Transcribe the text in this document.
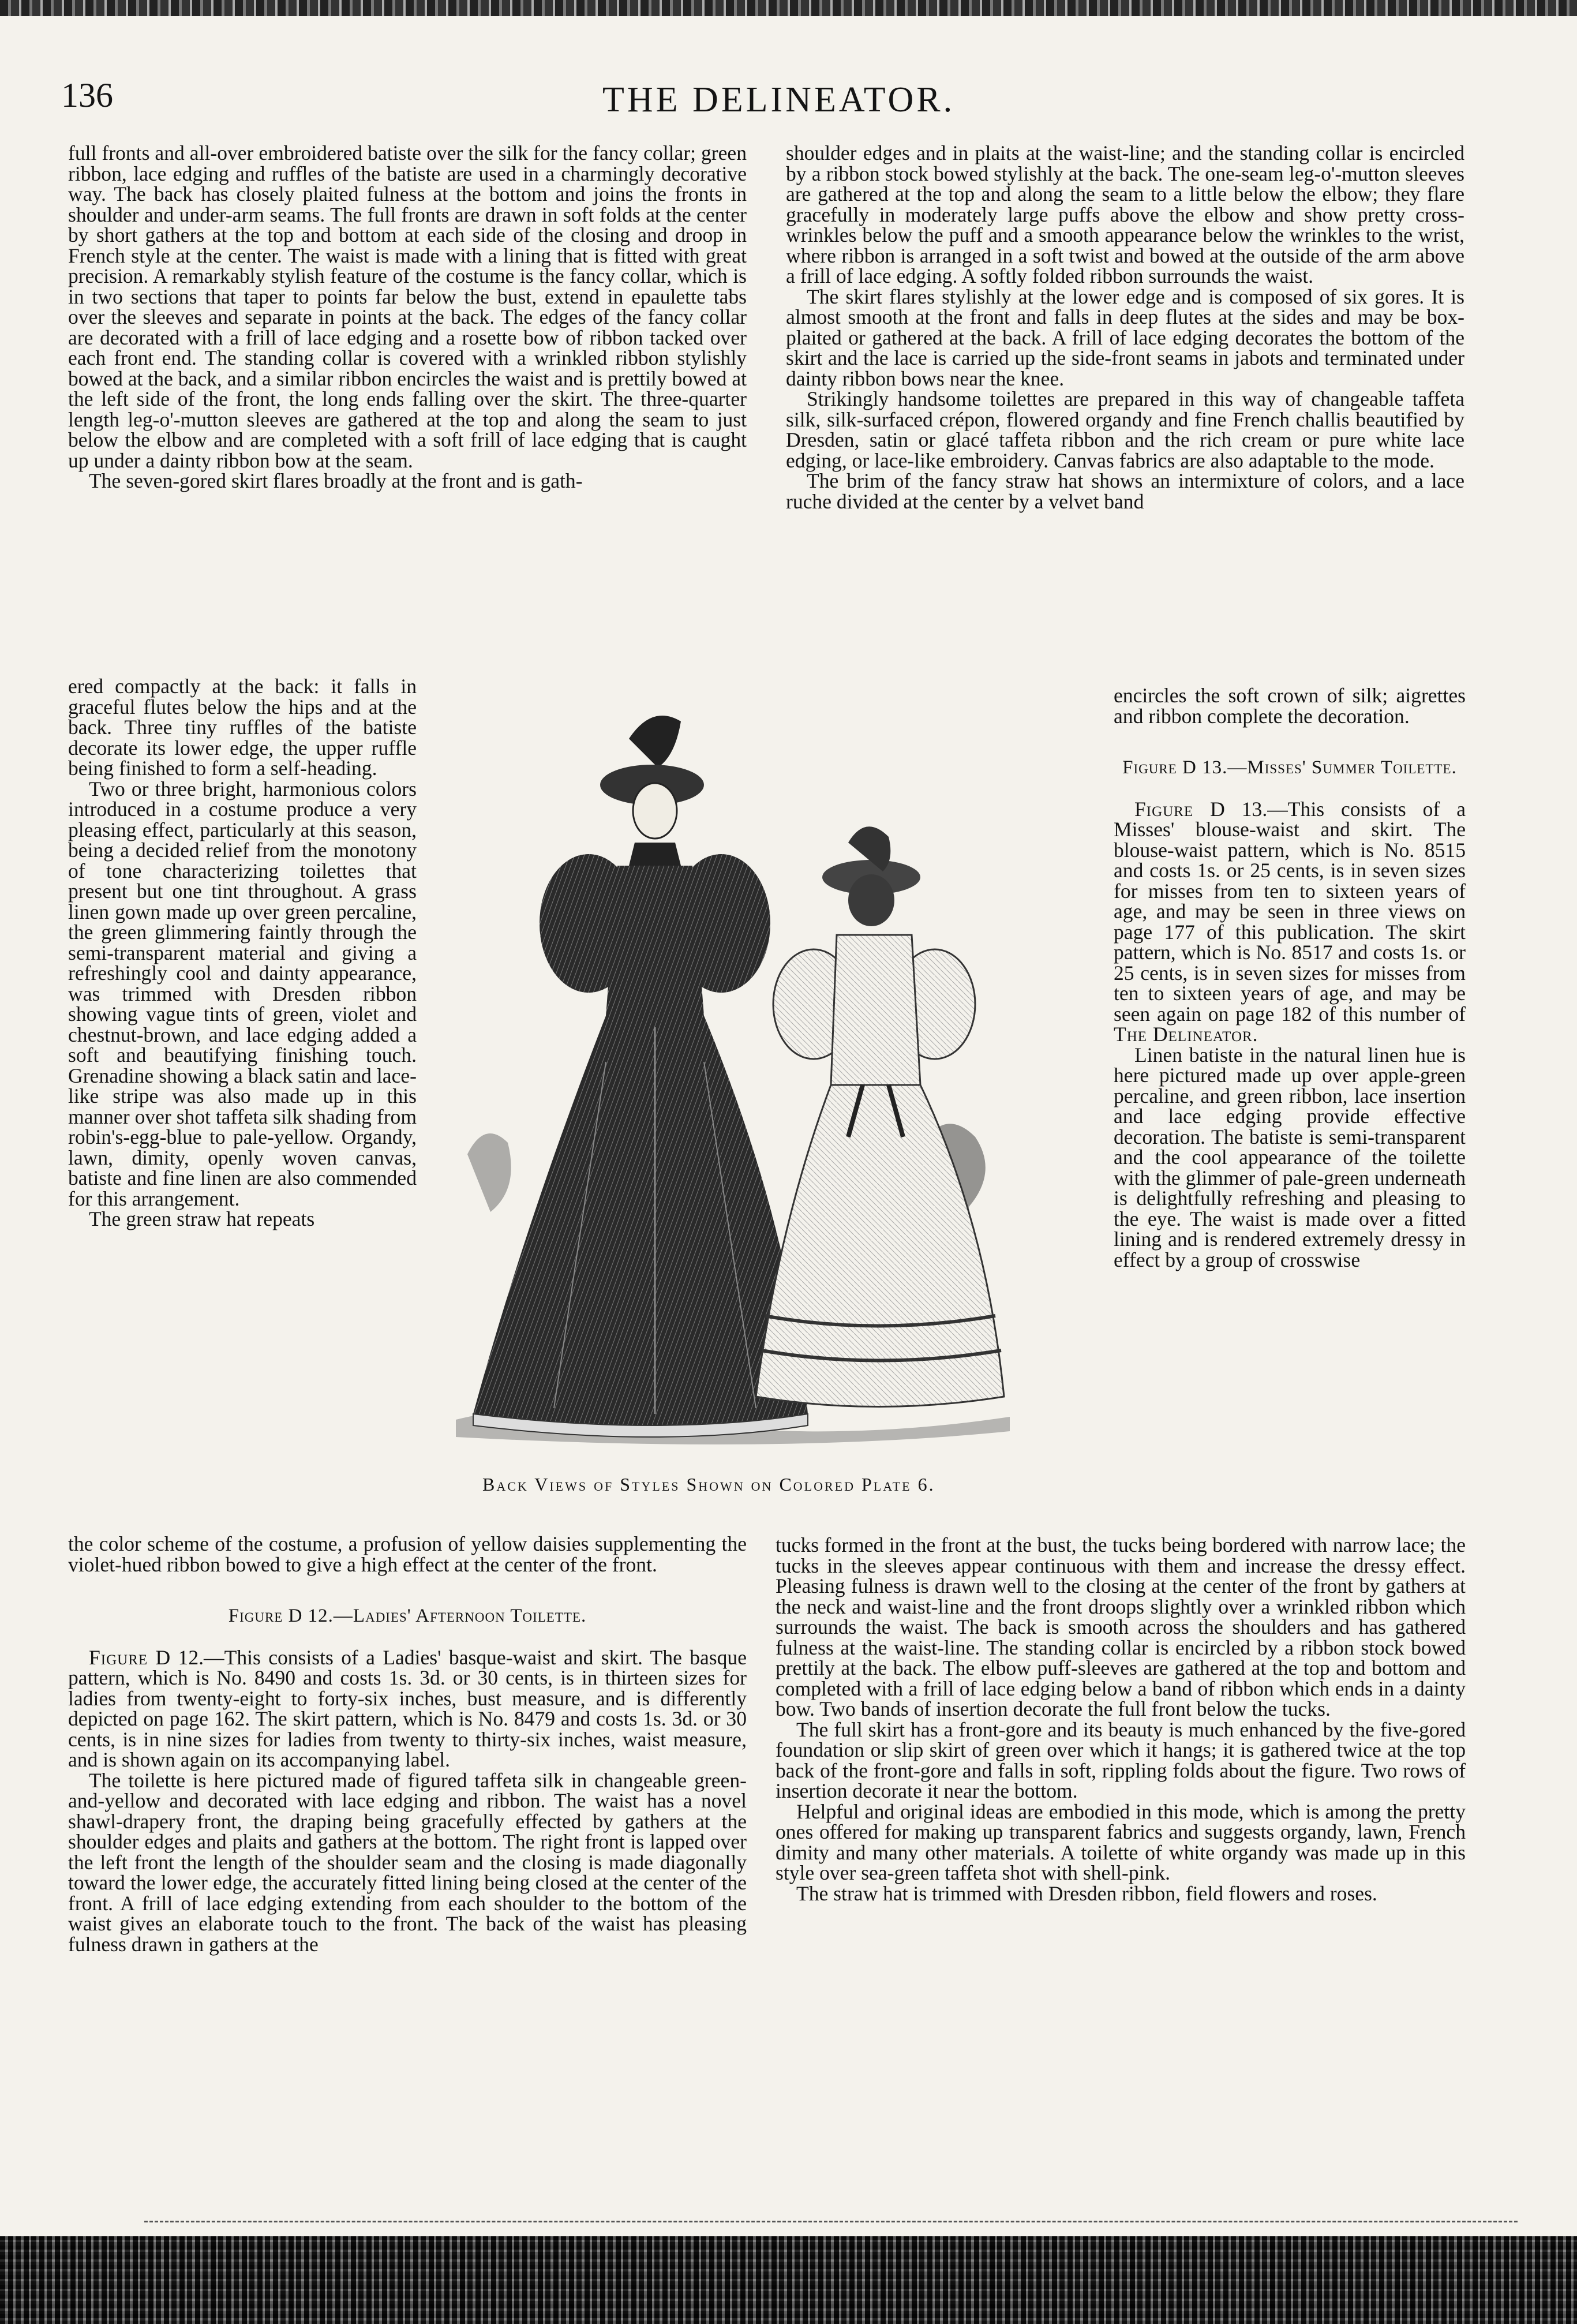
136	THE DELINEATOR.

full fronts and all-over embroidered batiste over the silk for the fancy collar; green ribbon, lace edging and ruffles of the batiste are used in a charmingly decorative way. The back has closely plaited fulness at the bottom and joins the fronts in shoulder and under-arm seams. The full fronts are drawn in soft folds at the center by short gathers at the top and bottom at each side of the closing and droop in French style at the center. The waist is made with a lining that is fitted with great precision. A remarkably stylish feature of the costume is the fancy collar, which is in two sections that taper to points far below the bust, extend in epaulette tabs over the sleeves and separate in points at the back. The edges of the fancy collar are decorated with a frill of lace edging and a rosette bow of ribbon tacked over each front end. The standing collar is covered with a wrinkled ribbon stylishly bowed at the back, and a similar ribbon encircles the waist and is prettily bowed at the left side of the front, the long ends falling over the skirt. The three-quarter length leg-o'-mutton sleeves are gathered at the top and along the seam to just below the elbow and are completed with a soft frill of lace edging that is caught up under a dainty ribbon bow at the seam.

The seven-gored skirt flares broadly at the front and is gath-

ered compactly at the back: it falls in graceful flutes below the hips and at the back. Three tiny ruffles of the batiste decorate its lower edge, the upper ruffle being finished to form a self-heading.

Two or three bright, harmonious colors introduced in a costume produce a very pleasing effect, particularly at this season, being a decided relief from the monotony of tone characterizing toilettes that present but one tint throughout. A grass linen gown made up over green percaline, the green glimmering faintly through the semi-transparent material and giving a refreshingly cool and dainty appearance, was trimmed with Dresden ribbon showing vague tints of green, violet and chestnut-brown, and lace edging added a soft and beautifying finishing touch. Grenadine showing a black satin and lace-like stripe was also made up in this manner over shot taffeta silk shading from robin's-egg-blue to pale-yellow. Organdy, lawn, dimity, openly woven canvas, batiste and fine linen are also commended for this arrangement.

The green straw hat repeats

the color scheme of the costume, a profusion of yellow daisies supplementing the violet-hued ribbon bowed to give a high effect at the center of the front.

Figure D 12.—Ladies' Afternoon Toilette.

Figure D 12.—This consists of a Ladies' basque-waist and skirt. The basque pattern, which is No. 8490 and costs 1s. 3d. or 30 cents, is in thirteen sizes for ladies from twenty-eight to forty-six inches, bust measure, and is differently depicted on page 162. The skirt pattern, which is No. 8479 and costs 1s. 3d. or 30 cents, is in nine sizes for ladies from twenty to thirty-six inches, waist measure, and is shown again on its accompanying label.

The toilette is here pictured made of figured taffeta silk in changeable green-and-yellow and decorated with lace edging and ribbon. The waist has a novel shawl-drapery front, the draping being gracefully effected by gathers at the shoulder edges and plaits and gathers at the bottom. The right front is lapped over the left front the length of the shoulder seam and the closing is made diagonally toward the lower edge, the accurately fitted lining being closed at the center of the front. A frill of lace edging extending from each shoulder to the bottom of the waist gives an elaborate touch to the front. The back of the waist has pleasing fulness drawn in gathers at the

Back Views of Styles Shown on Colored Plate 6.

shoulder edges and in plaits at the waist-line; and the standing collar is encircled by a ribbon stock bowed stylishly at the back. The one-seam leg-o'-mutton sleeves are gathered at the top and along the seam to a little below the elbow; they flare gracefully in moderately large puffs above the elbow and show pretty cross-wrinkles below the puff and a smooth appearance below the wrinkles to the wrist, where ribbon is arranged in a soft twist and bowed at the outside of the arm above a frill of lace edging. A softly folded ribbon surrounds the waist.

The skirt flares stylishly at the lower edge and is composed of six gores. It is almost smooth at the front and falls in deep flutes at the sides and may be box-plaited or gathered at the back. A frill of lace edging decorates the bottom of the skirt and the lace is carried up the side-front seams in jabots and terminated under dainty ribbon bows near the knee.

Strikingly handsome toilettes are prepared in this way of changeable taffeta silk, silk-surfaced crépon, flowered organdy and fine French challis beautified by Dresden, satin or glacé taffeta ribbon and the rich cream or pure white lace edging, or lace-like embroidery. Canvas fabrics are also adaptable to the mode.

The brim of the fancy straw hat shows an intermixture of colors, and a lace ruche divided at the center by a velvet band

encircles the soft crown of silk; aigrettes and ribbon complete the decoration.

Figure D 13.—Misses' Summer Toilette.

Figure D 13.—This consists of a Misses' blouse-waist and skirt. The blouse-waist pattern, which is No. 8515 and costs 1s. or 25 cents, is in seven sizes for misses from ten to sixteen years of age, and may be seen in three views on page 177 of this publication. The skirt pattern, which is No. 8517 and costs 1s. or 25 cents, is in seven sizes for misses from ten to sixteen years of age, and may be seen again on page 182 of this number of The Delineator.

Linen batiste in the natural linen hue is here pictured made up over apple-green percaline, and green ribbon, lace insertion and lace edging provide effective decoration. The batiste is semi-transparent and the cool appearance of the toilette with the glimmer of pale-green underneath is delightfully refreshing and pleasing to the eye. The waist is made over a fitted lining and is rendered extremely dressy in effect by a group of crosswise

tucks formed in the front at the bust, the tucks being bordered with narrow lace; the tucks in the sleeves appear continuous with them and increase the dressy effect. Pleasing fulness is drawn well to the closing at the center of the front by gathers at the neck and waist-line and the front droops slightly over a wrinkled ribbon which surrounds the waist. The back is smooth across the shoulders and has gathered fulness at the waist-line. The standing collar is encircled by a ribbon stock bowed prettily at the back. The elbow puff-sleeves are gathered at the top and bottom and completed with a frill of lace edging below a band of ribbon which ends in a dainty bow. Two bands of insertion decorate the full front below the tucks.

The full skirt has a front-gore and its beauty is much enhanced by the five-gored foundation or slip skirt of green over which it hangs; it is gathered twice at the top back of the front-gore and falls in soft, rippling folds about the figure. Two rows of insertion decorate it near the bottom.

Helpful and original ideas are embodied in this mode, which is among the pretty ones offered for making up transparent fabrics and suggests organdy, lawn, French dimity and many other materials. A toilette of white organdy was made up in this style over sea-green taffeta shot with shell-pink.

The straw hat is trimmed with Dresden ribbon, field flowers and roses.
